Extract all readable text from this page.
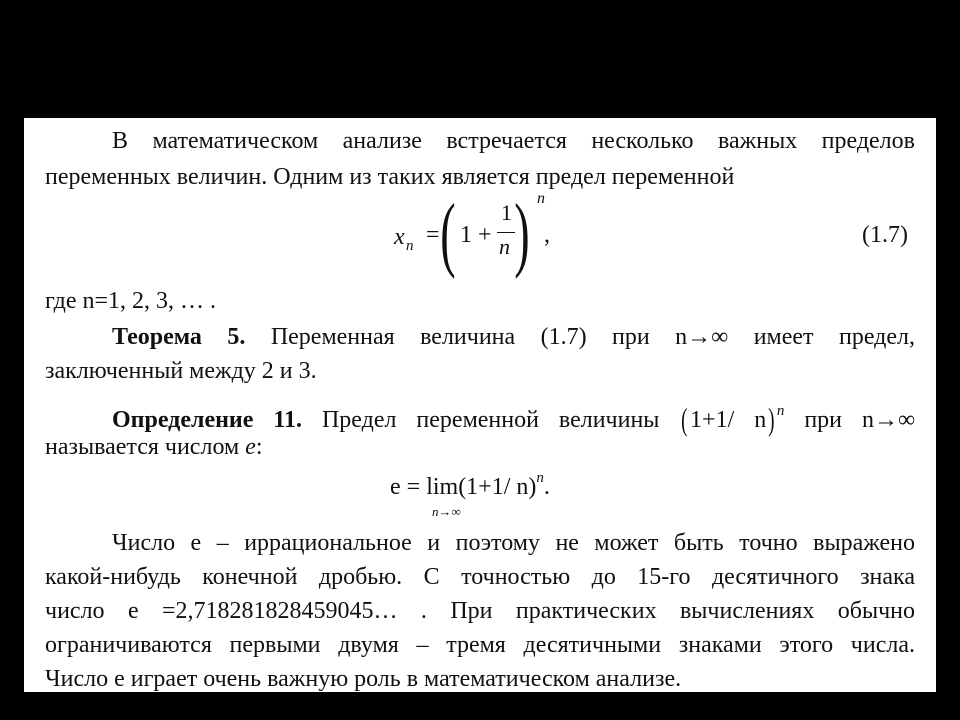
В математическом анализе встречается несколько важных пределов
переменных величин. Одним из таких является предел переменной
x n = ( 1 +
1
n ) n
,	(1.7)
где n=1, 2, 3, … .
Теорема 5. Переменная величина (1.7) при n→∞ имеет предел,
заключенный между 2 и 3.
Определение 11. Предел переменной величины (1+1/ n) $^n$ при n→∞
называется числом e:
e = lim(1+1/ n)$^n$.
n→∞
Число e – иррациональное и поэтому не может быть точно выражено
какой-нибудь конечной дробью. С точностью до 15-го десятичного знака
число e =2,718281828459045… . При практических вычислениях обычно
ограничиваются первыми двумя – тремя десятичными знаками этого числа.
Число e играет очень важную роль в математическом анализе.
